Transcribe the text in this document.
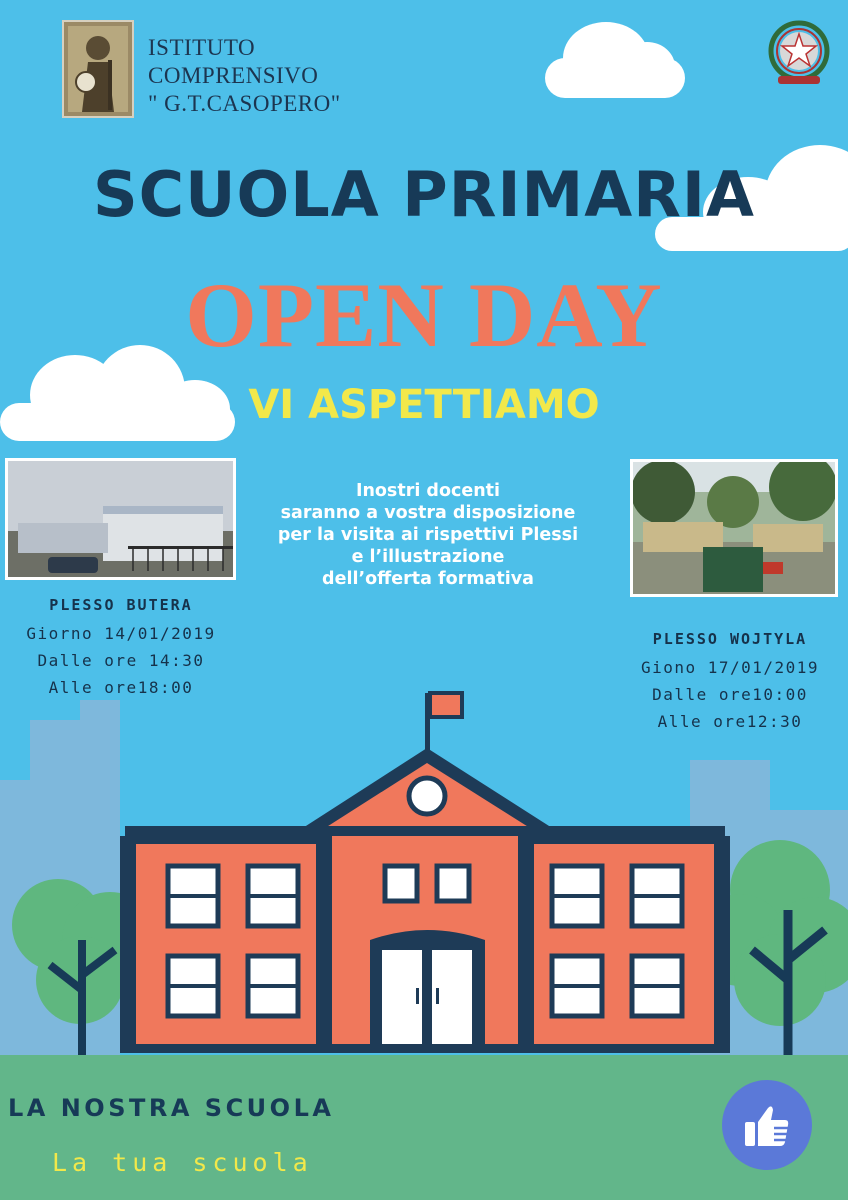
ISTITUTO
COMPRENSIVO
" G.T.CASOPERO"
SCUOLA PRIMARIA
OPEN DAY
VI ASPETTIAMO
Inostri docenti
saranno a vostra disposizione
per la visita ai rispettivi Plessi
e l’illustrazione
dell’offerta formativa
PLESSO BUTERA
Giorno 14/01/2019
Dalle ore 14:30
Alle ore18:00
PLESSO WOJTYLA
Giono 17/01/2019
Dalle ore10:00
Alle ore12:30
LA NOSTRA SCUOLA
La tua scuola
